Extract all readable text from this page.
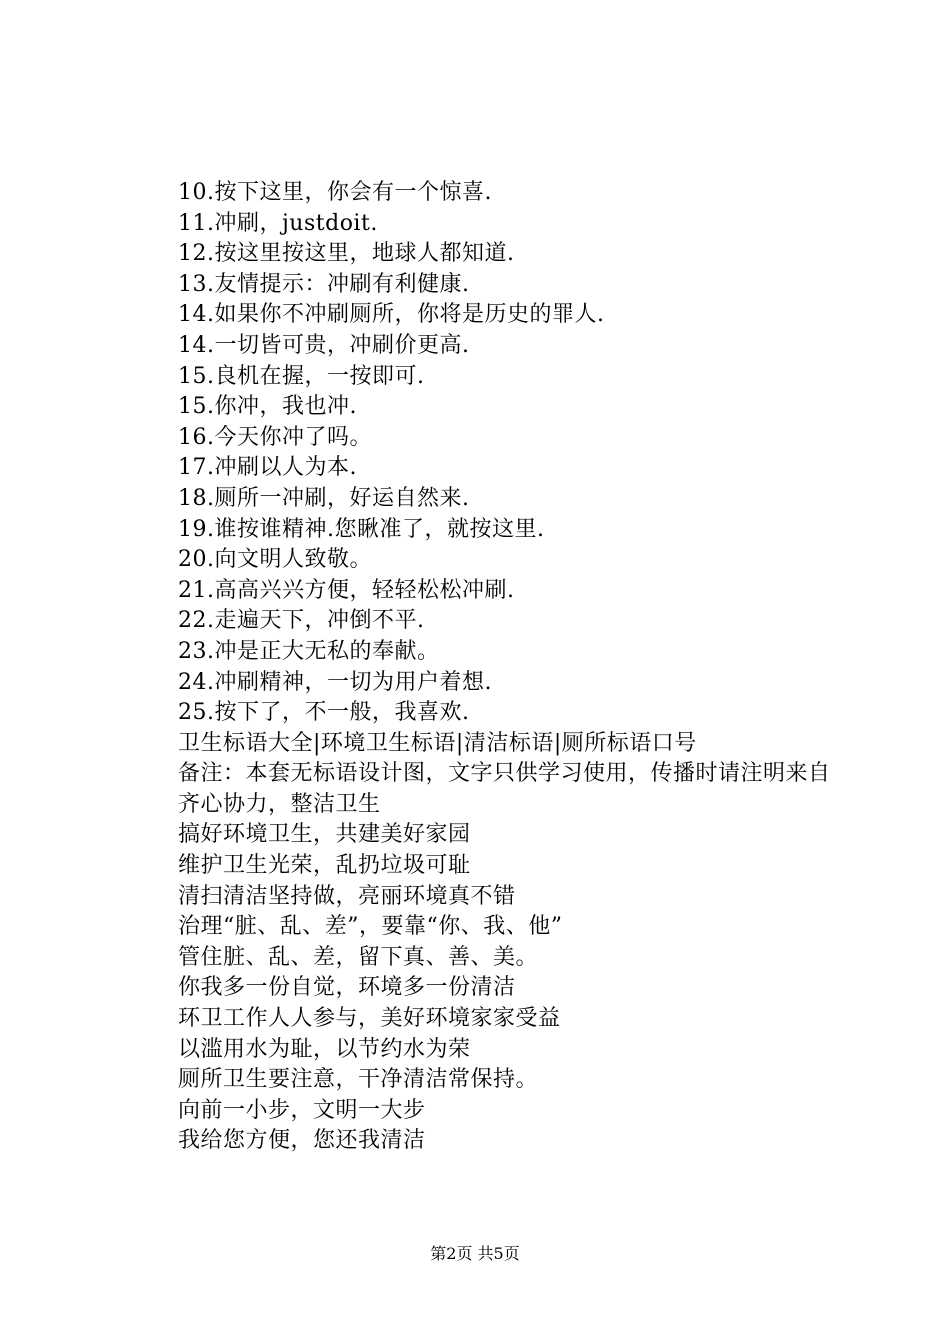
10.按下这里，你会有一个惊喜.
11.冲刷，justdoit.
12.按这里按这里，地球人都知道.
13.友情提示：冲刷有利健康.
14.如果你不冲刷厕所，你将是历史的罪人.
14.一切皆可贵，冲刷价更高.
15.良机在握，一按即可.
15.你冲，我也冲.
16.今天你冲了吗。
17.冲刷以人为本.
18.厕所一冲刷，好运自然来.
19.谁按谁精神.您瞅准了，就按这里.
20.向文明人致敬。
21.高高兴兴方便，轻轻松松冲刷.
22.走遍天下，冲倒不平.
23.冲是正大无私的奉献。
24.冲刷精神，一切为用户着想.
25.按下了，不一般，我喜欢.
卫生标语大全|环境卫生标语|清洁标语|厕所标语口号
备注：本套无标语设计图，文字只供学习使用，传播时请注明来自
齐心协力，整洁卫生
搞好环境卫生，共建美好家园
维护卫生光荣，乱扔垃圾可耻
清扫清洁坚持做，亮丽环境真不错
治理“脏、乱、差”，要靠“你、我、他”
管住脏、乱、差，留下真、善、美。
你我多一份自觉，环境多一份清洁
环卫工作人人参与，美好环境家家受益
以滥用水为耻，以节约水为荣
厕所卫生要注意，干净清洁常保持。
向前一小步，文明一大步
我给您方便，您还我清洁
第2页 共5页
